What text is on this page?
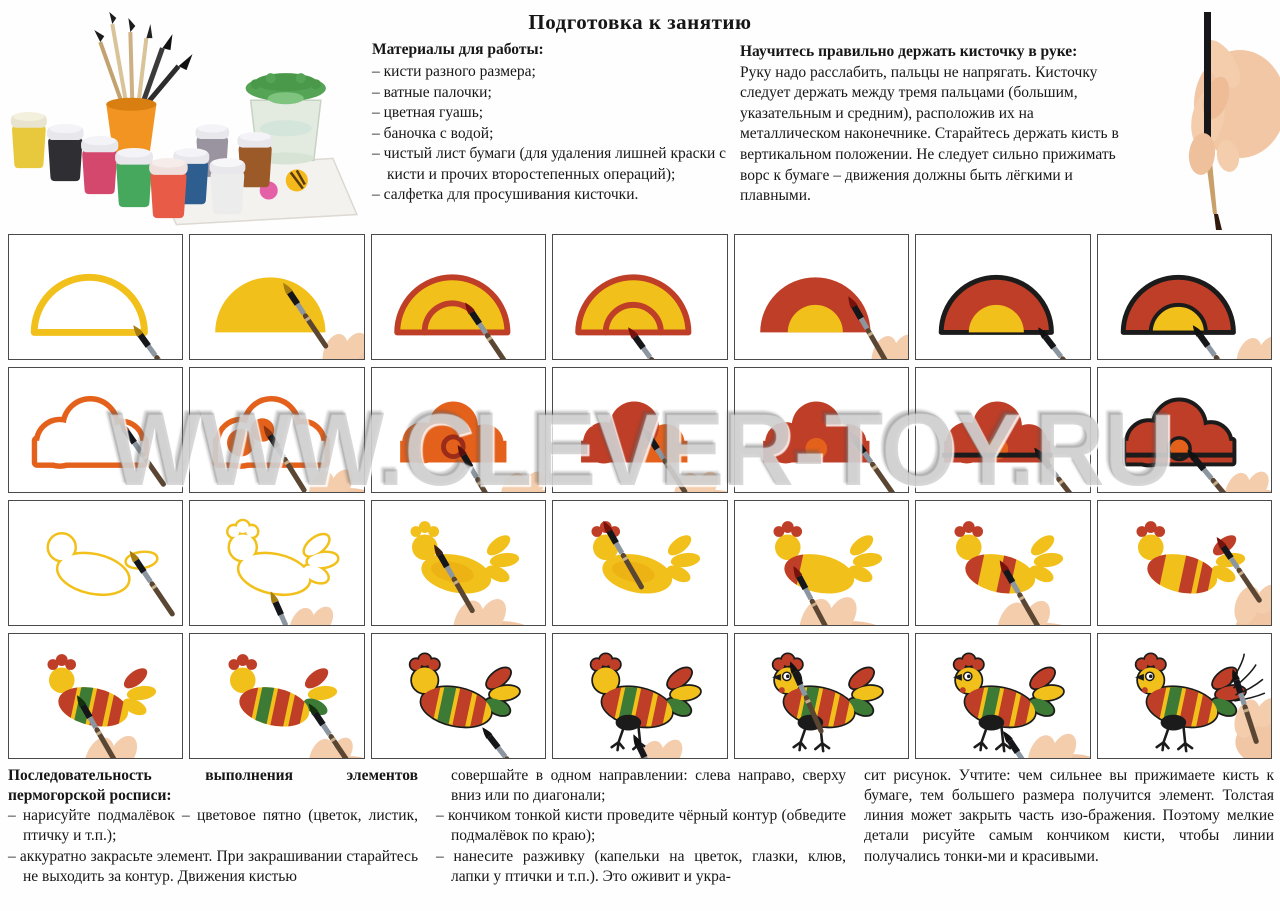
Подготовка к занятию
Материалы для работы:
– кисти разного размера;
– ватные палочки;
– цветная гуашь;
– баночка с водой;
– чистый лист бумаги (для удаления лишней краски с кисти и прочих второстепенных операций);
– салфетка для просушивания кисточки.
Научитесь правильно держать кисточку в руке:
Руку надо расслабить, пальцы не напрягать. Кисточку следует держать между тремя пальцами (большим, указательным и средним), расположив их на металлическом наконечнике. Старайтесь держать кисть в вертикальном положении. Не следует сильно прижимать ворс к бумаге – движения должны быть лёгкими и плавными.
WWW.CLEVER-TOY.RU
Последовательность выполнения элементов пермогорской росписи:
– нарисуйте подмалёвок – цветовое пятно (цветок, листик, птичку и т.п.);
– аккуратно закрасьте элемент. При закрашивании старайтесь не выходить за контур. Движения кистью
совершайте в одном направлении: слева направо, сверху вниз или по диагонали;
– кончиком тонкой кисти проведите чёрный контур (обведите подмалёвок по краю);
– нанесите разживку (капельки на цветок, глазки, клюв, лапки у птички и т.п.). Это оживит и укра-
сит рисунок. Учтите: чем сильнее вы прижимаете кисть к бумаге, тем большего размера получится элемент. Толстая линия может закрыть часть изо-бражения. Поэтому мелкие детали рисуйте самым кончиком кисти, чтобы линии получались тонки-ми и красивыми.
